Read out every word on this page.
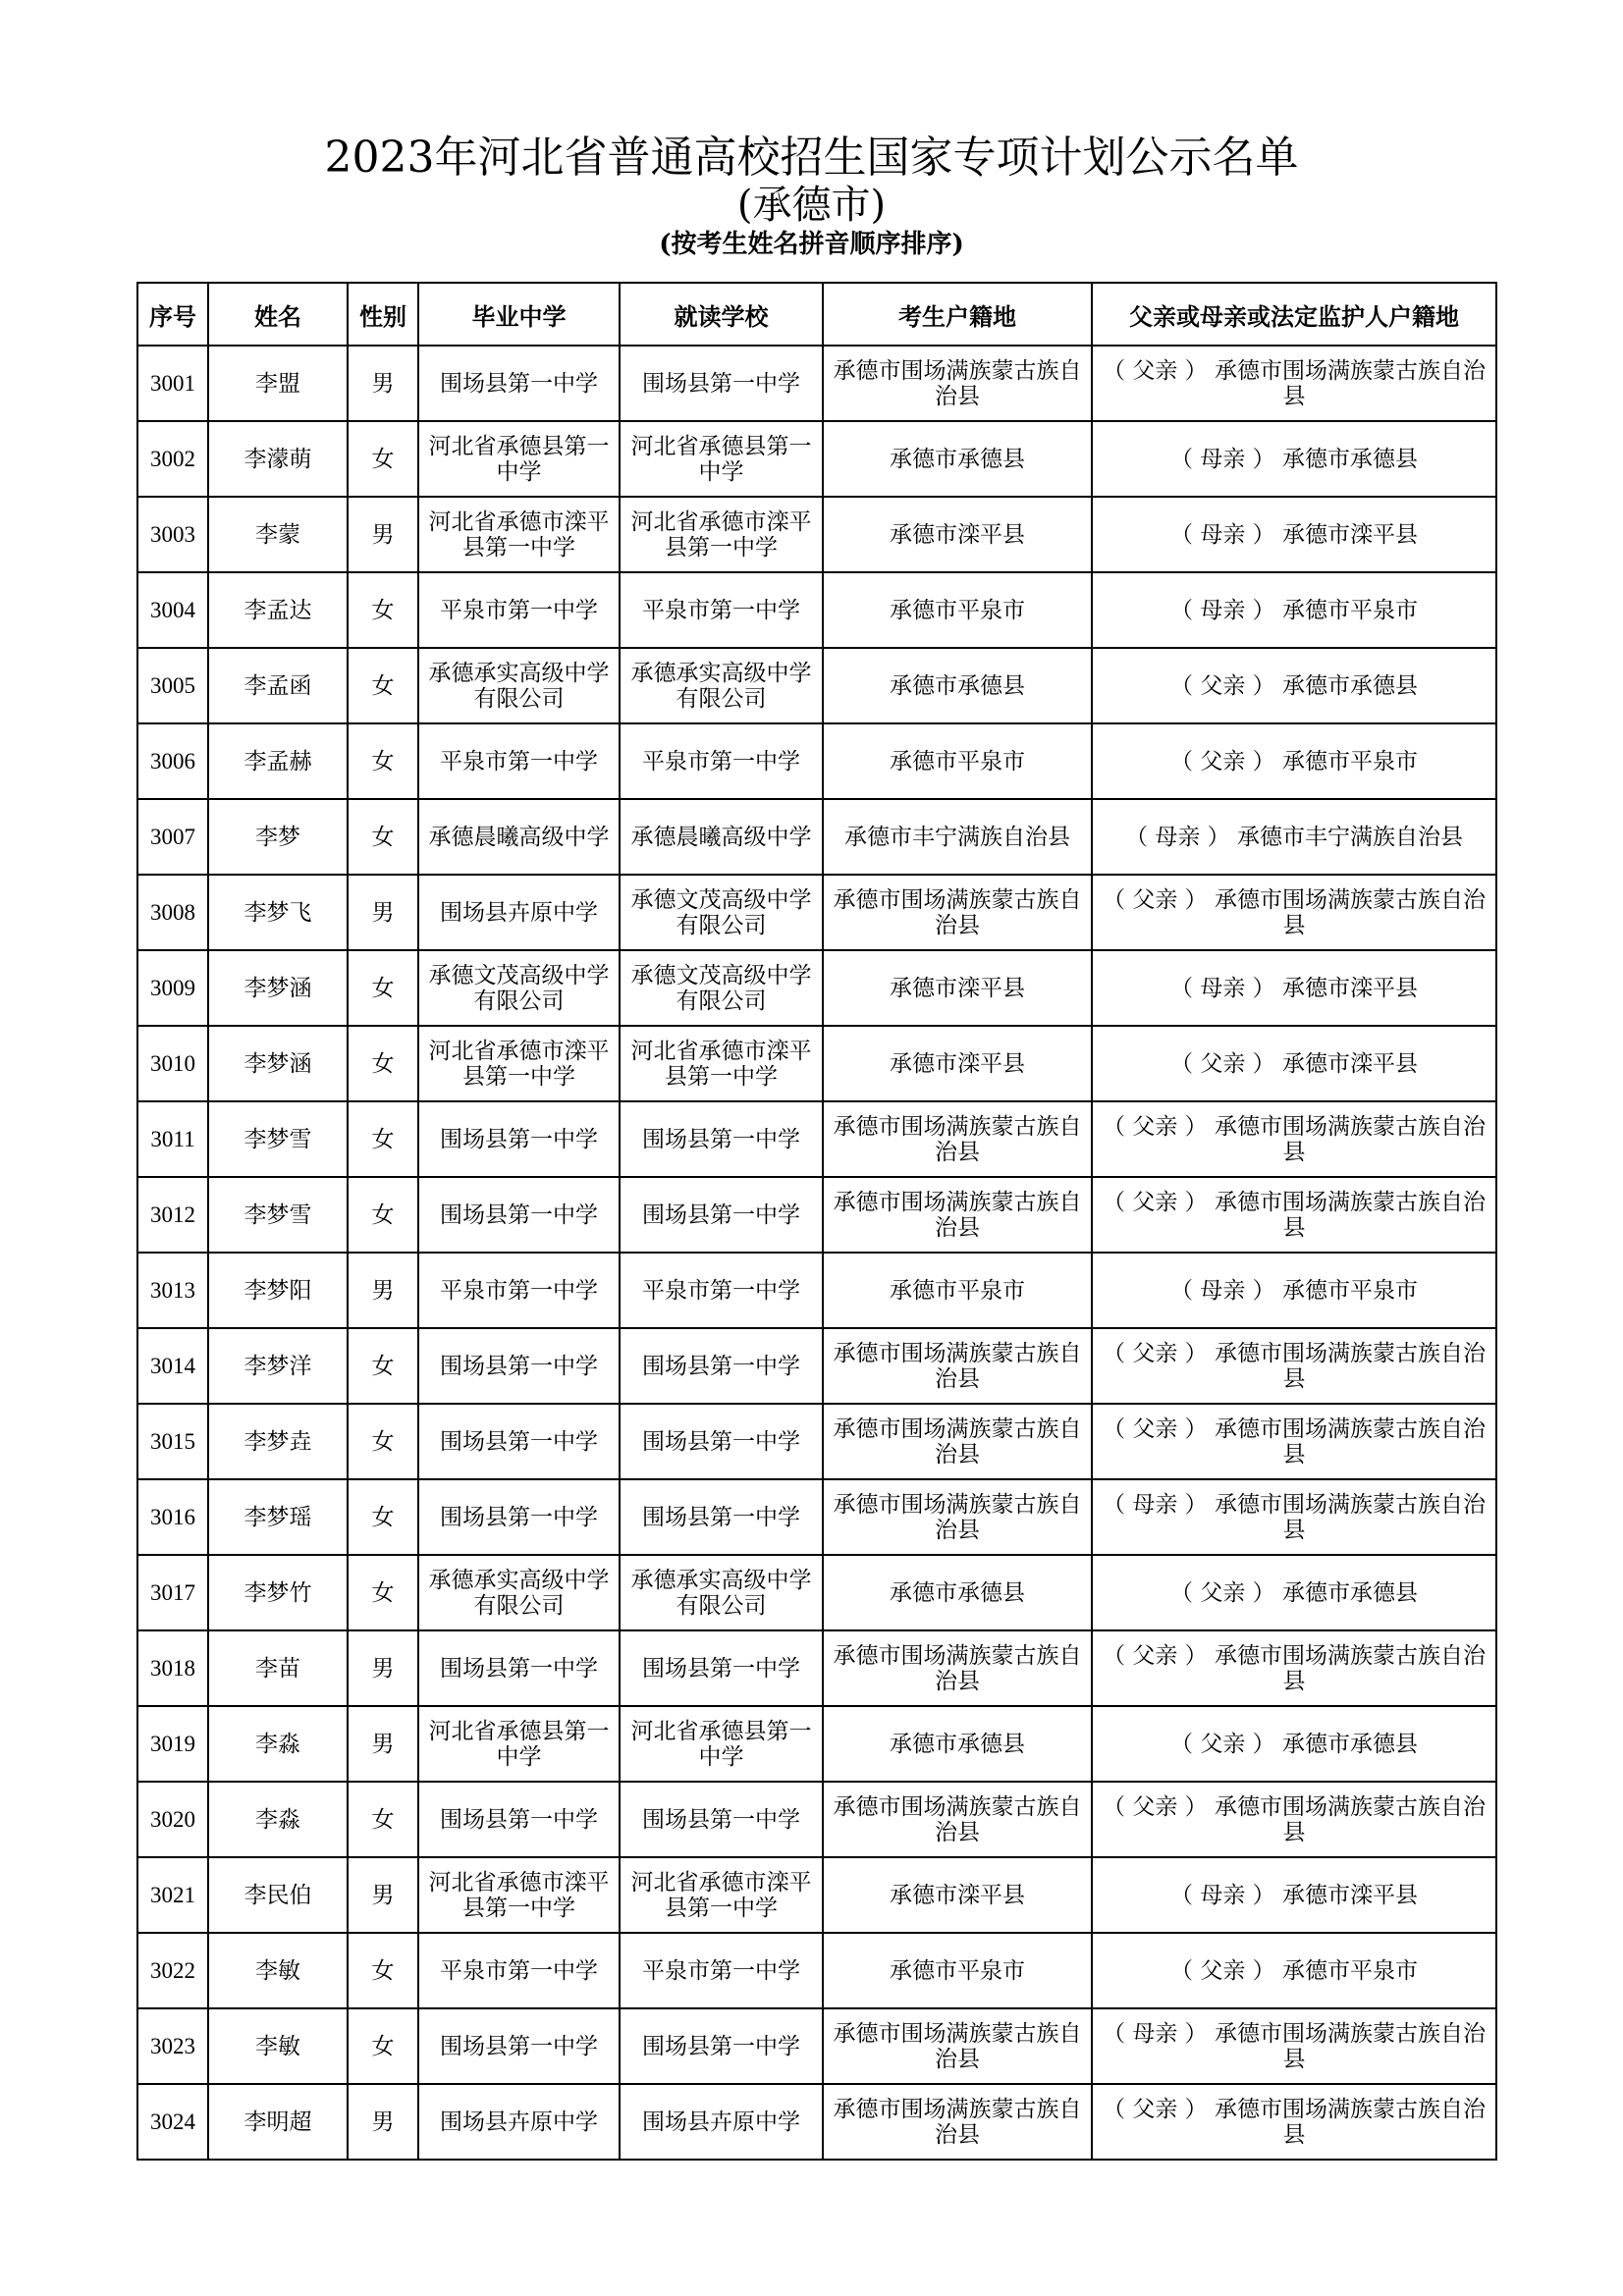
2023年河北省普通高校招生国家专项计划公示名单
(承德市)
(按考生姓名拼音顺序排序)
序号	姓名	性别	毕业中学	就读学校	考生户籍地	父亲或母亲或法定监护人户籍地
3001	李盟	男	围场县第一中学	围场县第一中学	承德市围场满族蒙古族自治县	（ 父亲 ） 承德市围场满族蒙古族自治县
3002	李濛萌	女	河北省承德县第一中学	河北省承德县第一中学	承德市承德县	（ 母亲 ） 承德市承德县
3003	李蒙	男	河北省承德市滦平县第一中学	河北省承德市滦平县第一中学	承德市滦平县	（ 母亲 ） 承德市滦平县
3004	李孟达	女	平泉市第一中学	平泉市第一中学	承德市平泉市	（ 母亲 ） 承德市平泉市
3005	李孟函	女	承德承实高级中学有限公司	承德承实高级中学有限公司	承德市承德县	（ 父亲 ） 承德市承德县
3006	李孟赫	女	平泉市第一中学	平泉市第一中学	承德市平泉市	（ 父亲 ） 承德市平泉市
3007	李梦	女	承德晨曦高级中学	承德晨曦高级中学	承德市丰宁满族自治县	（ 母亲 ） 承德市丰宁满族自治县
3008	李梦飞	男	围场县卉原中学	承德文茂高级中学有限公司	承德市围场满族蒙古族自治县	（ 父亲 ） 承德市围场满族蒙古族自治县
3009	李梦涵	女	承德文茂高级中学有限公司	承德文茂高级中学有限公司	承德市滦平县	（ 母亲 ） 承德市滦平县
3010	李梦涵	女	河北省承德市滦平县第一中学	河北省承德市滦平县第一中学	承德市滦平县	（ 父亲 ） 承德市滦平县
3011	李梦雪	女	围场县第一中学	围场县第一中学	承德市围场满族蒙古族自治县	（ 父亲 ） 承德市围场满族蒙古族自治县
3012	李梦雪	女	围场县第一中学	围场县第一中学	承德市围场满族蒙古族自治县	（ 父亲 ） 承德市围场满族蒙古族自治县
3013	李梦阳	男	平泉市第一中学	平泉市第一中学	承德市平泉市	（ 母亲 ） 承德市平泉市
3014	李梦洋	女	围场县第一中学	围场县第一中学	承德市围场满族蒙古族自治县	（ 父亲 ） 承德市围场满族蒙古族自治县
3015	李梦垚	女	围场县第一中学	围场县第一中学	承德市围场满族蒙古族自治县	（ 父亲 ） 承德市围场满族蒙古族自治县
3016	李梦瑶	女	围场县第一中学	围场县第一中学	承德市围场满族蒙古族自治县	（ 母亲 ） 承德市围场满族蒙古族自治县
3017	李梦竹	女	承德承实高级中学有限公司	承德承实高级中学有限公司	承德市承德县	（ 父亲 ） 承德市承德县
3018	李苗	男	围场县第一中学	围场县第一中学	承德市围场满族蒙古族自治县	（ 父亲 ） 承德市围场满族蒙古族自治县
3019	李淼	男	河北省承德县第一中学	河北省承德县第一中学	承德市承德县	（ 父亲 ） 承德市承德县
3020	李淼	女	围场县第一中学	围场县第一中学	承德市围场满族蒙古族自治县	（ 父亲 ） 承德市围场满族蒙古族自治县
3021	李民伯	男	河北省承德市滦平县第一中学	河北省承德市滦平县第一中学	承德市滦平县	（ 母亲 ） 承德市滦平县
3022	李敏	女	平泉市第一中学	平泉市第一中学	承德市平泉市	（ 父亲 ） 承德市平泉市
3023	李敏	女	围场县第一中学	围场县第一中学	承德市围场满族蒙古族自治县	（ 母亲 ） 承德市围场满族蒙古族自治县
3024	李明超	男	围场县卉原中学	围场县卉原中学	承德市围场满族蒙古族自治县	（ 父亲 ） 承德市围场满族蒙古族自治县
